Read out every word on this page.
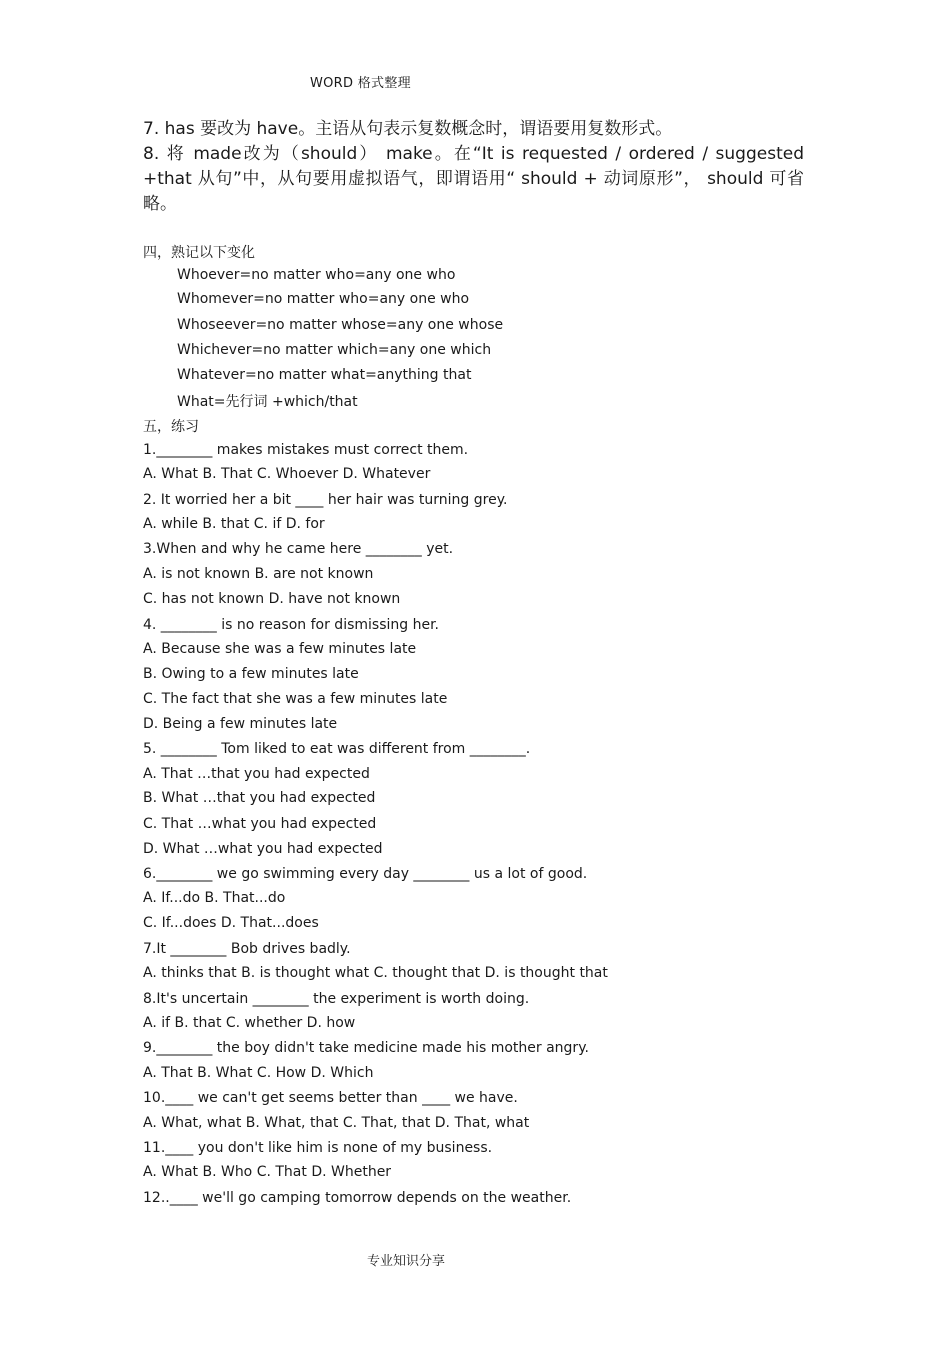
WORD 格式整理

7. has 要改为 have。主语从句表示复数概念时，谓语要用复数形式。

8. 将 made改为（should） make。在“It is requested / ordered / suggested +that 从句”中，从句要用虚拟语气，即谓语用“ should + 动词原形”， should 可省略。

四，熟记以下变化
Whoever=no matter who=any one who
Whomever=no matter who=any one who
Whoseever=no matter whose=any one whose
Whichever=no matter which=any one which
Whatever=no matter what=anything that
What=先行词 +which/that
五，练习
1.________ makes mistakes must correct them.
A. What B. That C. Whoever D. Whatever
2. It worried her a bit ____ her hair was turning grey.
A. while B. that C. if D. for
3.When and why he came here ________ yet.
A. is not known B. are not known
C. has not known D. have not known
4. ________ is no reason for dismissing her.
A. Because she was a few minutes late
B. Owing to a few minutes late
C. The fact that she was a few minutes late
D. Being a few minutes late
5. ________ Tom liked to eat was different from ________.
A. That …that you had expected
B. What …that you had expected
C. That …what you had expected
D. What …what you had expected
6.________ we go swimming every day ________ us a lot of good.
A. If...do B. That...do
C. If...does D. That...does
7.It ________ Bob drives badly.
A. thinks that B. is thought what C. thought that D. is thought that
8.It's uncertain ________ the experiment is worth doing.
A. if B. that C. whether D. how
9.________ the boy didn't take medicine made his mother angry.
A. That B. What C. How D. Which
10.____ we can't get seems better than ____ we have.
A. What, what B. What, that C. That, that D. That, what
11.____ you don't like him is none of my business.
A. What B. Who C. That D. Whether
12..____ we'll go camping tomorrow depends on the weather.
专业知识分享
